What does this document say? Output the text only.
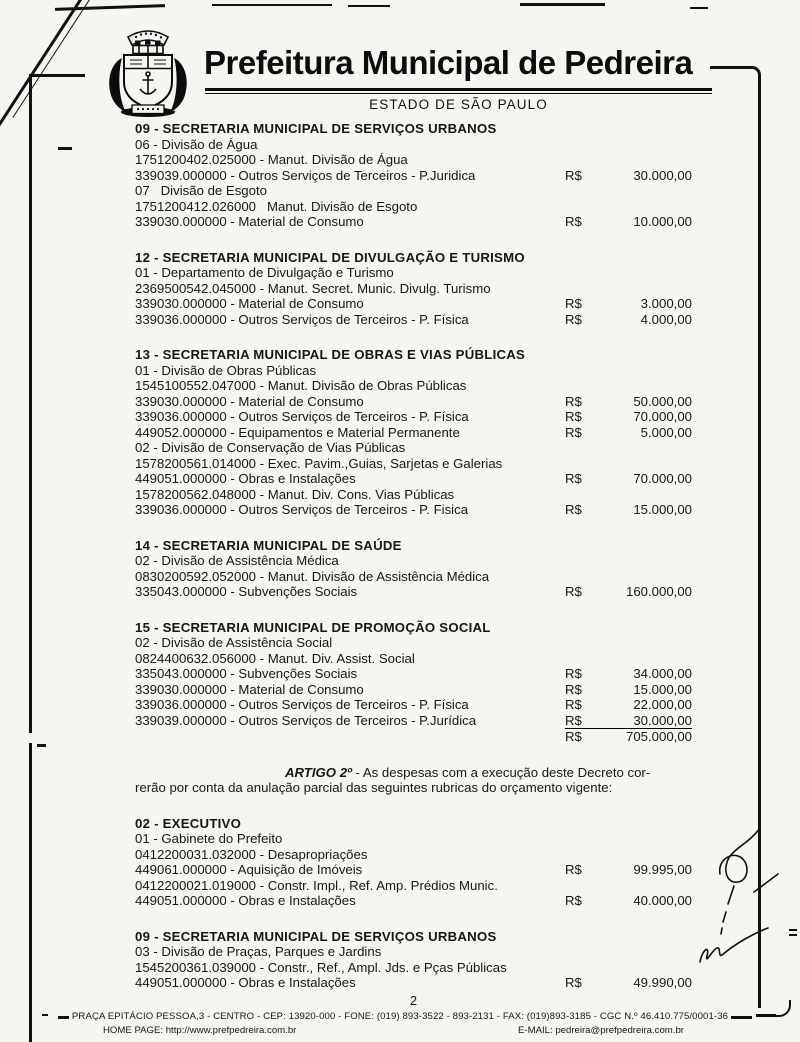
Prefeitura Municipal de Pedreira
ESTADO DE SÃO PAULO
09 - SECRETARIA MUNICIPAL DE SERVIÇOS URBANOS
06 - Divisão de Água
1751200402.025000 - Manut. Divisão de Água
339039.000000 - Outros Serviços de Terceiros - P.Juridica	R$	30.000,00
07   Divisão de Esgoto
1751200412.026000   Manut. Divisão de Esgoto
339030.000000 - Material de Consumo	R$	10.000,00
12 - SECRETARIA MUNICIPAL DE DIVULGAÇÃO E TURISMO
01 - Departamento de Divulgação e Turismo
2369500542.045000 - Manut. Secret. Munic. Divulg. Turismo
339030.000000 - Material de Consumo	R$	3.000,00
339036.000000 - Outros Serviços de Terceiros - P. Física	R$	4.000,00
13 - SECRETARIA MUNICIPAL DE OBRAS E VIAS PÚBLICAS
01 - Divisão de Obras Públicas
1545100552.047000 - Manut. Divisão de Obras Públicas
339030.000000 - Material de Consumo	R$	50.000,00
339036.000000 - Outros Serviços de Terceiros - P. Física	R$	70.000,00
449052.000000 - Equipamentos e Material Permanente	R$	5.000,00
02 - Divisão de Conservação de Vias Públicas
1578200561.014000 - Exec. Pavim.,Guias, Sarjetas e Galerias
449051.000000 - Obras e Instalações	R$	70.000,00
1578200562.048000 - Manut. Div. Cons. Vias Públicas
339036.000000 - Outros Serviços de Terceiros - P. Fisica	R$	15.000,00
14 - SECRETARIA MUNICIPAL DE SAÚDE
02 - Divisão de Assistência Médica
0830200592.052000 - Manut. Divisão de Assistência Médica
335043.000000 - Subvenções Sociais	R$	160.000,00
15 - SECRETARIA MUNICIPAL DE PROMOÇÃO SOCIAL
02 - Divisão de Assistência Social
0824400632.056000 - Manut. Div. Assist. Social
335043.000000 - Subvenções Sociais	R$	34.000,00
339030.000000 - Material de Consumo	R$	15.000,00
339036.000000 - Outros Serviços de Terceiros - P. Física	R$	22.000,00
339039.000000 - Outros Serviços de Terceiros - P.Jurídica	R$	30.000,00
R$	705.000,00
ARTIGO 2º - As despesas com a execução deste Decreto cor-
rerão por conta da anulação parcial das seguintes rubricas do orçamento vigente:
02 - EXECUTIVO
01 - Gabinete do Prefeito
0412200031.032000 - Desapropriações
449061.000000 - Aquisição de Imóveis	R$	99.995,00
0412200021.019000 - Constr. Impl., Ref. Amp. Prédios Munic.
449051.000000 - Obras e Instalações	R$	40.000,00
09 - SECRETARIA MUNICIPAL DE SERVIÇOS URBANOS
03 - Divisão de Praças, Parques e Jardins
1545200361.039000 - Constr., Ref., Ampl. Jds. e Pças Públicas
449051.000000 - Obras e Instalações	R$	49.990,00
2
PRAÇA EPITÁCIO PESSOA,3 - CENTRO - CEP: 13920-000 - FONE: (019) 893-3522 - 893-2131 - FAX: (019)893-3185 - CGC N.º 46.410.775/0001-36
HOME PAGE: http://www.prefpedreira.com.br	E-MAIL: pedreira@prefpedreira.com.br
